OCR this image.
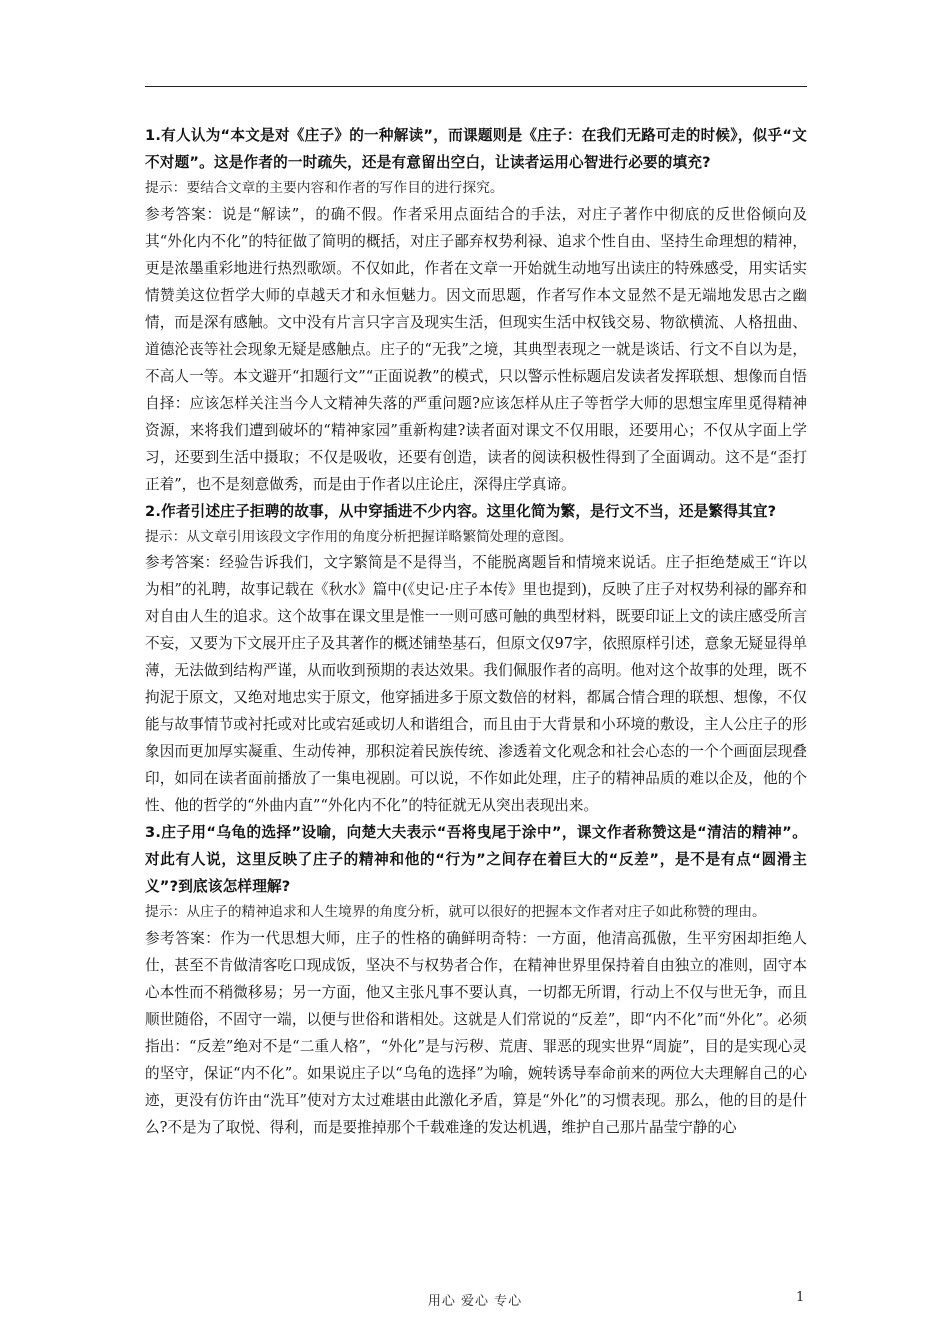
1.有人认为“本文是对《庄子》的一种解读”，而课题则是《庄子：在我们无路可走的时候》，似乎“文不对题”。这是作者的一时疏失，还是有意留出空白，让读者运用心智进行必要的填充?

提示：要结合文章的主要内容和作者的写作目的进行探究。

参考答案：说是“解读”，的确不假。作者采用点面结合的手法，对庄子著作中彻底的反世俗倾向及其“外化内不化”的特征做了简明的概括，对庄子鄙弃权势利禄、追求个性自由、坚持生命理想的精神，更是浓墨重彩地进行热烈歌颂。不仅如此，作者在文章一开始就生动地写出读庄的特殊感受，用实话实情赞美这位哲学大师的卓越天才和永恒魅力。因文而思题，作者写作本文显然不是无端地发思古之幽情，而是深有感触。文中没有片言只字言及现实生活，但现实生活中权钱交易、物欲横流、人格扭曲、道德沦丧等社会现象无疑是感触点。庄子的“无我”之境，其典型表现之一就是谈话、行文不自以为是，不高人一等。本文避开“扣题行文”“正面说教”的模式，只以警示性标题启发读者发挥联想、想像而自悟自择：应该怎样关注当今人文精神失落的严重问题?应该怎样从庄子等哲学大师的思想宝库里觅得精神资源，来将我们遭到破坏的“精神家园”重新构建?读者面对课文不仅用眼，还要用心；不仅从字面上学习，还要到生活中摄取；不仅是吸收，还要有创造，读者的阅读积极性得到了全面调动。这不是“歪打正着”，也不是刻意做秀，而是由于作者以庄论庄，深得庄学真谛。

2.作者引述庄子拒聘的故事，从中穿插进不少内容。这里化简为繁，是行文不当，还是繁得其宜?

提示：从文章引用该段文字作用的角度分析把握详略繁简处理的意图。

参考答案：经验告诉我们，文字繁简是不是得当，不能脱离题旨和情境来说话。庄子拒绝楚威王“许以为相”的礼聘，故事记载在《秋水》篇中(《史记·庄子本传》里也提到)，反映了庄子对权势利禄的鄙弃和对自由人生的追求。这个故事在课文里是惟一一则可感可触的典型材料，既要印证上文的读庄感受所言不妄，又要为下文展开庄子及其著作的概述铺垫基石，但原文仅97字，依照原样引述，意象无疑显得单薄，无法做到结构严谨，从而收到预期的表达效果。我们佩服作者的高明。他对这个故事的处理，既不拘泥于原文，又绝对地忠实于原文，他穿插进多于原文数倍的材料，都属合情合理的联想、想像，不仅能与故事情节或衬托或对比或宕延或切人和谐组合，而且由于大背景和小环境的敷设，主人公庄子的形象因而更加厚实凝重、生动传神，那积淀着民族传统、渗透着文化观念和社会心态的一个个画面层现叠印，如同在读者面前播放了一集电视剧。可以说，不作如此处理，庄子的精神品质的难以企及，他的个性、他的哲学的“外曲内直”“外化内不化”的特征就无从突出表现出来。

3.庄子用“乌龟的选择”设喻，向楚大夫表示“吾将曳尾于涂中”，课文作者称赞这是“清洁的精神”。对此有人说，这里反映了庄子的精神和他的“行为”之间存在着巨大的“反差”，是不是有点“圆滑主义”?到底该怎样理解?

提示：从庄子的精神追求和人生境界的角度分析，就可以很好的把握本文作者对庄子如此称赞的理由。

参考答案：作为一代思想大师，庄子的性格的确鲜明奇特：一方面，他清高孤傲，生平穷困却拒绝人仕，甚至不肯做清客吃口现成饭，坚决不与权势者合作，在精神世界里保持着自由独立的准则，固守本心本性而不稍微移易；另一方面，他又主张凡事不要认真，一切都无所谓，行动上不仅与世无争，而且顺世随俗，不固守一端，以便与世俗和谐相处。这就是人们常说的“反差”，即“内不化”而“外化”。必须指出：“反差”绝对不是“二重人格”，“外化”是与污秽、荒唐、罪恶的现实世界“周旋”，目的是实现心灵的坚守，保证“内不化”。如果说庄子以“乌龟的选择”为喻，婉转诱导奉命前来的两位大夫理解自己的心迹，更没有仿许由“洗耳”使对方太过难堪由此激化矛盾，算是“外化”的习惯表现。那么，他的目的是什么?不是为了取悦、得利，而是要推掉那个千载难逢的发达机遇，维护自己那片晶莹宁静的心

用心 爱心 专心	1
